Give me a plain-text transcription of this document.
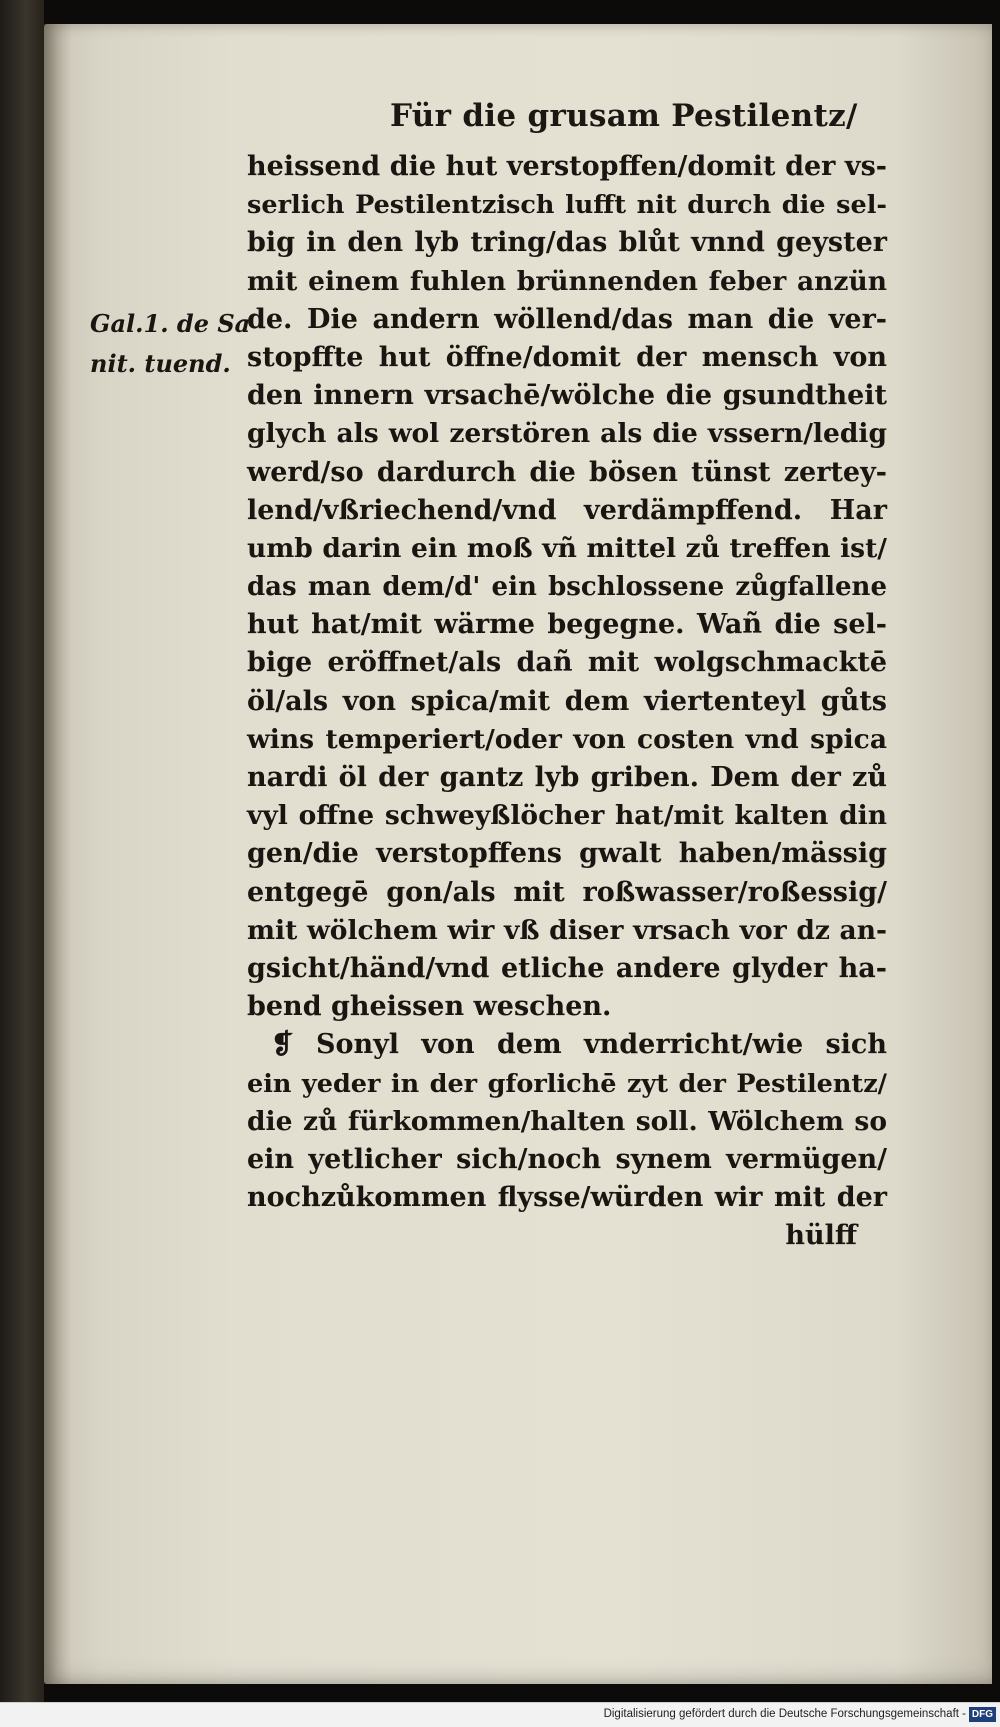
Für die grusam Pestilentz/
Gal.1. de Sa
nit. tuend.
heissend die hut verstopffen/domit der vs-
serlich Pestilentzisch lufft nit durch die sel-
big in den lyb tring/das blůt vnnd geyster
mit einem fuhlen brünnenden feber anzün
de. Die andern wöllend/das man die ver-
stopffte hut öffne/domit der mensch von
den innern vrsachē/wölche die gsundtheit
glych als wol zerstören als die vssern/ledig
werd/so dardurch die bösen tünst zertey-
lend/vßriechend/vnd verdämpffend. Har
umb darin ein moß vñ mittel zů treffen ist/
das man dem/d' ein bschlossene zůgfallene
hut hat/mit wärme begegne. Wañ die sel-
bige eröffnet/als dañ mit wolgschmacktē
öl/als von spica/mit dem viertenteyl gůts
wins temperiert/oder von costen vnd spica
nardi öl der gantz lyb griben. Dem der zů
vyl offne schweyßlöcher hat/mit kalten din
gen/die verstopffens gwalt haben/mässig
entgegē gon/als mit roßwasser/roßessig/
mit wölchem wir vß diser vrsach vor dz an-
gsicht/händ/vnd etliche andere glyder ha-
bend gheissen weschen.
❡ Sonyl von dem vnderricht/wie sich
ein yeder in der gforlichē zyt der Pestilentz/
die zů fürkommen/halten soll. Wölchem so
ein yetlicher sich/noch synem vermügen/
nochzůkommen flysse/würden wir mit der
hülff
Digitalisierung gefördert durch die Deutsche Forschungsgemeinschaft - DFG
